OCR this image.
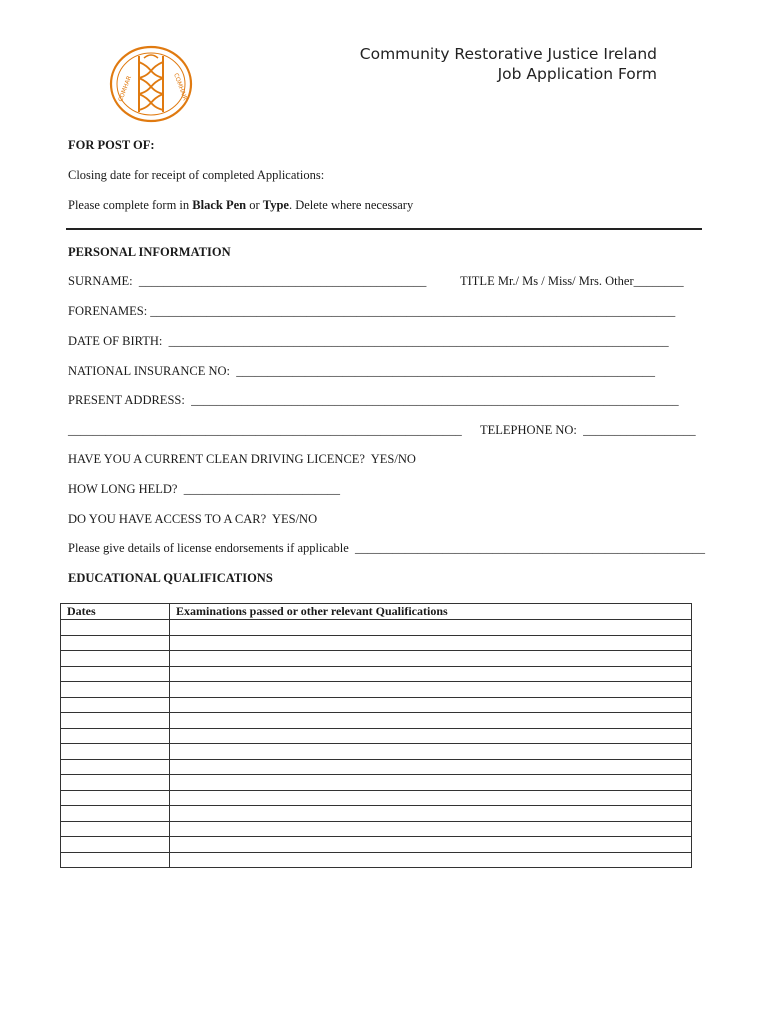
COMHAR	COMHAIR
Community Restorative Justice Ireland
Job Application Form
FOR POST OF:
Closing date for receipt of completed Applications:
Please complete form in Black Pen or Type. Delete where necessary
PERSONAL INFORMATION
SURNAME:  ______________________________________________	TITLE Mr./ Ms / Miss/ Mrs. Other________
FORENAMES: ____________________________________________________________________________________
DATE OF BIRTH:  ________________________________________________________________________________
NATIONAL INSURANCE NO:  ___________________________________________________________________
PRESENT ADDRESS:  ______________________________________________________________________________
_______________________________________________________________ TELEPHONE NO:  __________________
HAVE YOU A CURRENT CLEAN DRIVING LICENCE?  YES/NO
HOW LONG HELD?  _________________________
DO YOU HAVE ACCESS TO A CAR?  YES/NO
Please give details of license endorsements if applicable  ________________________________________________________
EDUCATIONAL QUALIFICATIONS
Dates	Examinations passed or other relevant Qualifications
